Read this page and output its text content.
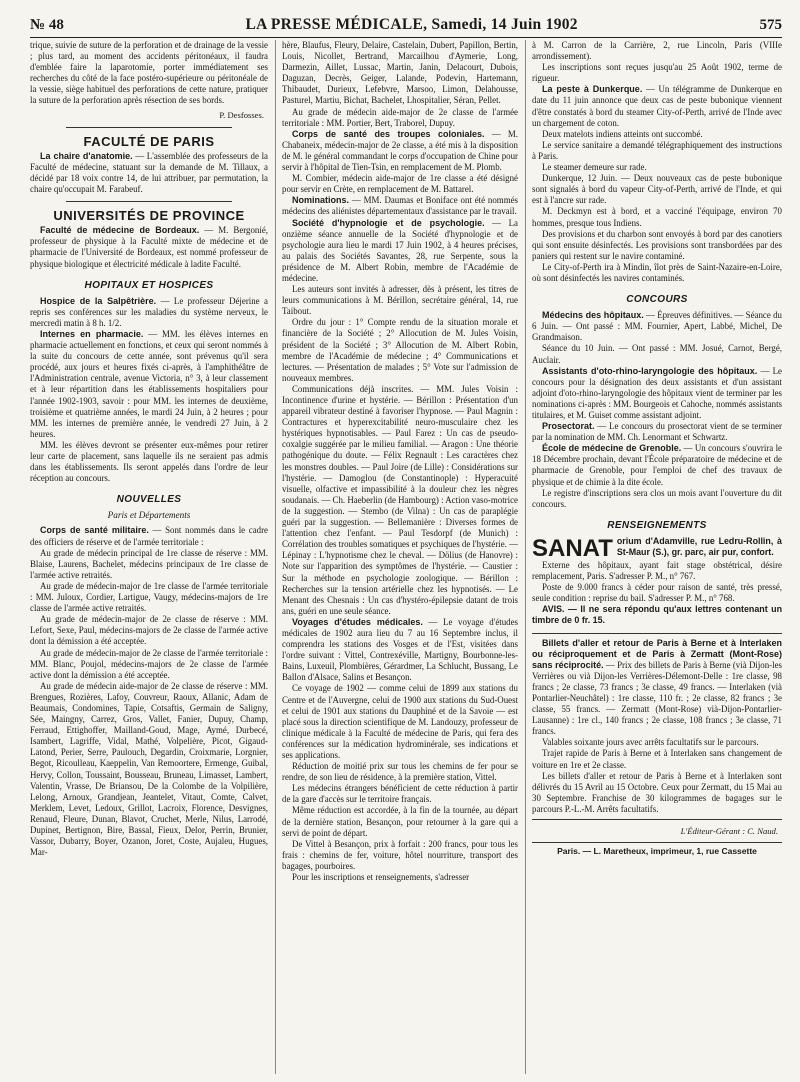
№ 48	LA PRESSE MÉDICALE, Samedi, 14 Juin 1902	575

trique, suivie de suture de la perforation et de drainage de la vessie ; plus tard, au moment des accidents péritonéaux, il faudra d'emblée faire la laparotomie, porter immédiatement ses recherches du côté de la face postéro-supérieure ou péritonéale de la vessie, siège habituel des perforations de cette nature, pratiquer la suture de la perforation après résection de ses bords.

P. Desfosses.
FACULTÉ DE PARIS

La chaire d'anatomie. — L'assemblée des professeurs de la Faculté de médecine, statuant sur la demande de M. Tillaux, a décidé par 18 voix contre 14, de lui attribuer, par permutation, la chaire qu'occupait M. Farabeuf.

UNIVERSITÉS DE PROVINCE

Faculté de médecine de Bordeaux. — M. Bergonié, professeur de physique à la Faculté mixte de médecine et de pharmacie de l'Université de Bordeaux, est nommé professeur de physique biologique et électricité médicale à ladite Faculté.

HOPITAUX ET HOSPICES

Hospice de la Salpêtrière. — Le professeur Déjerine a repris ses conférences sur les maladies du système nerveux, le mercredi matin à 8 h. 1/2.

Internes en pharmacie. — MM. les élèves internes en pharmacie actuellement en fonctions, et ceux qui seront nommés à la suite du concours de cette année, sont prévenus qu'il sera procédé, aux jours et heures fixés ci-après, à l'amphithéâtre de l'Administration centrale, avenue Victoria, n° 3, à leur classement et à leur répartition dans les établissements hospitaliers pour l'année 1902-1903, savoir : pour MM. les internes de deuxième, troisième et quatrième années, le mardi 24 Juin, à 2 heures ; pour MM. les internes de première année, le vendredi 27 Juin, à 2 heures.

MM. les élèves devront se présenter eux-mêmes pour retirer leur carte de placement, sans laquelle ils ne seraient pas admis dans les établissements. Ils seront appelés dans l'ordre de leur réception au concours.

NOUVELLES
Paris et Départements

Corps de santé militaire. — Sont nommés dans le cadre des officiers de réserve et de l'armée territoriale :

Au grade de médecin principal de 1re classe de réserve : MM. Blaise, Laurens, Bachelet, médecins principaux de 1re classe de l'armée active retraités.

Au grade de médecin-major de 1re classe de l'armée territoriale : MM. Juloux, Cordier, Lartigue, Vaugy, médecins-majors de 1re classe de l'armée active retraités.

Au grade de médecin-major de 2e classe de réserve : MM. Lefort, Sexe, Paul, médecins-majors de 2e classe de l'armée active dont la démission a été acceptée.

Au grade de médecin-major de 2e classe de l'armée territoriale : MM. Blanc, Poujol, médecins-majors de 2e classe de l'armée active dont la démission a été acceptée.

Au grade de médecin aide-major de 2e classe de réserve : MM. Brengues, Rozières, Lafoy, Couvreur, Raoux, Allanic, Adam de Beaumais, Condomines, Tapie, Cotsaftis, Germain de Saligny, Sée, Maingny, Carrez, Gros, Vallet, Fanier, Dupuy, Champ, Ferraud, Ettighoffer, Mailland-Goud, Mage, Aymé, Durbecé, Isambert, Lagriffe, Vidal, Mathé, Volpelière, Picot, Gigaud-Latond, Perier, Serre, Paulouch, Degardin, Croixmarie, Lorgnier, Begot, Ricoulleau, Kaeppelin, Van Remoortere, Ermenge, Guibal, Hervy, Collon, Toussaint, Bousseau, Bruneau, Limasset, Lambert, Valentin, Vrasse, De Briansou, De la Colombe de la Volpilière, Lelong, Arnoux, Grandjean, Jeantelet, Vitaut, Comte, Calvet, Merklem, Levet, Ledoux, Grillot, Lacroix, Florence, Desvignes, Renaud, Fleure, Dunan, Blavot, Cruchet, Merle, Nilus, Larrodé, Dupinet, Bertignon, Bire, Bassal, Fieux, Delor, Perrin, Brunier, Vassor, Dubarry, Boyer, Ozanon, Joret, Coste, Aujaleu, Hugues, Mar-

hère, Blaufus, Fleury, Delaire, Castelain, Dubert, Papillon, Bertin, Louis, Nicollet, Bertrand, Marcailhou d'Aymerie, Long, Darmezin, Aillet, Lussac, Martin, Janin, Delacourt, Dubois, Daguzan, Decrès, Geiger, Lalande, Podevin, Hartemann, Thibaudet, Durieux, Lefebvre, Marsoo, Limon, Delahousse, Pasturel, Martiu, Bichat, Bachelet, Lhospitalier, Séran, Pellet.

Au grade de médecin aide-major de 2e classe de l'armée territoriale : MM. Portier, Bert, Traborel, Dupuy.

Corps de santé des troupes coloniales. — M. Chabaneix, médecin-major de 2e classe, a été mis à la disposition de M. le général commandant le corps d'occupation de Chine pour servir à l'hôpital de Tien-Tsin, en remplacement de M. Plomb.

M. Combier, médecin aide-major de 1re classe a été désigné pour servir en Crète, en remplacement de M. Battarel.

Nominations. — MM. Daumas et Boniface ont été nommés médecins des aliénistes départementaux d'assistance par le travail.

Société d'hypnologie et de psychologie. — La onzième séance annuelle de la Société d'hypnologie et de psychologie aura lieu le mardi 17 Juin 1902, à 4 heures précises, au palais des Sociétés Savantes, 28, rue Serpente, sous la présidence de M. Albert Robin, membre de l'Académie de médecine.

Les auteurs sont invités à adresser, dès à présent, les titres de leurs communications à M. Bérillon, secrétaire général, 14, rue Taibout.

Ordre du jour : 1° Compte rendu de la situation morale et financière de la Société ; 2° Allocution de M. Jules Voisin, président de la Société ; 3° Allocution de M. Albert Robin, membre de l'Académie de médecine ; 4° Communications et lectures. — Présentation de malades ; 5° Vote sur l'admission de nouveaux membres.

Communications déjà inscrites. — MM. Jules Voisin : Incontinence d'urine et hystérie. — Bérillon : Présentation d'un appareil vibrateur destiné à favoriser l'hypnose. — Paul Magnin : Contractures et hyperexcitabilité neuro-musculaire chez les hystériques hypnotisables. — Paul Farez : Un cas de pseudo-coxalgie suggérée par le milieu familial. — Aragon : Une théorie pathogénique du doute. — Félix Regnault : Les caractères chez les monstres doubles. — Paul Joire (de Lille) : Considérations sur l'hystérie. — Damoglou (de Constantinople) : Hyperacuité visuelle, olfactive et impassibilité à la douleur chez les nègres soudanais. — Ch. Haeberlin (de Hambourg) : Action vaso-motrice de la suggestion. — Stembo (de Vilna) : Un cas de paraplégie guéri par la suggestion. — Bellemanière : Diverses formes de l'attention chez l'enfant. — Paul Tesdorpf (de Munich) : Corrélation des troubles somatiques et psychiques de l'hystérie. — Lépinay : L'hypnotisme chez le cheval. — Dölius (de Hanovre) : Note sur l'apparition des symptômes de l'hystérie. — Caustier : Sur la méthode en psychologie zoologique. — Bérillon : Recherches sur la tension artérielle chez les hypnotisés. — Le Menant des Chesnais : Un cas d'hystéro-épilepsie datant de trois ans, guéri en une seule séance.

Voyages d'études médicales. — Le voyage d'études médicales de 1902 aura lieu du 7 au 16 Septembre inclus, il comprendra les stations des Vosges et de l'Est, visitées dans l'ordre suivant : Vittel, Contrexéville, Martigny, Bourbonne-les-Bains, Luxeuil, Plombières, Gérardmer, La Schlucht, Bussang, Le Ballon d'Alsace, Salins et Besançon.

Ce voyage de 1902 — comme celui de 1899 aux stations du Centre et de l'Auvergne, celui de 1900 aux stations du Sud-Ouest et celui de 1901 aux stations du Dauphiné et de la Savoie — est placé sous la direction scientifique de M. Landouzy, professeur de clinique médicale à la Faculté de médecine de Paris, qui fera des conférences sur la médication hydrominérale, ses indications et ses applications.

Réduction de moitié prix sur tous les chemins de fer pour se rendre, de son lieu de résidence, à la première station, Vittel.

Les médecins étrangers bénéficient de cette réduction à partir de la gare d'accès sur le territoire français.

Même réduction est accordée, à la fin de la tournée, au départ de la dernière station, Besançon, pour retourner à la gare qui a servi de point de départ.

De Vittel à Besançon, prix à forfait : 200 francs, pour tous les frais : chemins de fer, voiture, hôtel nourriture, transport des bagages, pourboires.

Pour les inscriptions et renseignements, s'adresser

à M. Carron de la Carrière, 2, rue Lincoln, Paris (VIIIe arrondissement).

Les inscriptions sont reçues jusqu'au 25 Août 1902, terme de rigueur.

La peste à Dunkerque. — Un télégramme de Dunkerque en date du 11 juin annonce que deux cas de peste bubonique viennent d'être constatés à bord du steamer City-of-Perth, arrivé de l'Inde avec un chargement de coton.

Deux matelots indiens atteints ont succombé.

Le service sanitaire a demandé télégraphiquement des instructions à Paris.

Le steamer demeure sur rade.

Dunkerque, 12 Juin. — Deux nouveaux cas de peste bubonique sont signalés à bord du vapeur City-of-Perth, arrivé de l'Inde, et qui est à l'ancre sur rade.

M. Deckmyn est à bord, et a vacciné l'équipage, environ 70 hommes, presque tous Indiens.

Des provisions et du charbon sont envoyés à bord par des canotiers qui sont ensuite désinfectés. Les provisions sont transbordées par des paniers qui restent sur le navire contaminé.

Le City-of-Perth ira à Mindin, îlot près de Saint-Nazaire-en-Loire, où sont désinfectés les navires contaminés.

CONCOURS

Médecins des hôpitaux. — Épreuves définitives. — Séance du 6 Juin. — Ont passé : MM. Fournier, Apert, Labbé, Michel, De Grandmaison.

Séance du 10 Juin. — Ont passé : MM. Josué, Carnot, Bergé, Auclair.

Assistants d'oto-rhino-laryngologie des hôpitaux. — Le concours pour la désignation des deux assistants et d'un assistant adjoint d'oto-rhino-laryngologie des hôpitaux vient de terminer par les nominations ci-après : MM. Bourgeois et Cahoche, nommés assistants titulaires, et M. Guiset comme assistant adjoint.

Prosectorat. — Le concours du prosectorat vient de se terminer par la nomination de MM. Ch. Lenormant et Schwartz.

École de médecine de Grenoble. — Un concours s'ouvrira le 18 Décembre prochain, devant l'École préparatoire de médecine et de pharmacie de Grenoble, pour l'emploi de chef des travaux de physique et de chimie à la dite école.

Le registre d'inscriptions sera clos un mois avant l'ouverture du dit concours.

RENSEIGNEMENTS

SANAT orium d'Adamville, rue Ledru-Rollin, à St-Maur (S.), gr. parc, air pur, confort.

Externe des hôpitaux, ayant fait stage obstétrical, désire remplacement, Paris. S'adresser P. M., n° 767.

Poste de 9.000 francs à céder pour raison de santé, très pressé, seule condition : reprise du bail. S'adresser P. M., n° 768.

AVIS. — Il ne sera répondu qu'aux lettres contenant un timbre de 0 fr. 15.

Billets d'aller et retour de Paris à Berne et à Interlaken ou réciproquement et de Paris à Zermatt (Mont-Rose) sans réciprocité. — Prix des billets de Paris à Berne (vià Dijon-les Verrières ou vià Dijon-les Verrières-Délemont-Delle : 1re classe, 98 francs ; 2e classe, 73 francs ; 3e classe, 49 francs. — Interlaken (vià Pontarlier-Neuchâtel) : 1re classe, 110 fr. ; 2e classe, 82 francs ; 3e classe, 55 francs. — Zermatt (Mont-Rose) vià-Dijon-Pontarlier-Lausanne) : 1re cl., 140 francs ; 2e classe, 108 francs ; 3e classe, 71 francs.

Valables soixante jours avec arrêts facultatifs sur le parcours.

Trajet rapide de Paris à Berne et à Interlaken sans changement de voiture en 1re et 2e classe.

Les billets d'aller et retour de Paris à Berne et à Interlaken sont délivrés du 15 Avril au 15 Octobre. Ceux pour Zermatt, du 15 Mai au 30 Septembre. Franchise de 30 kilogrammes de bagages sur le parcours P.-L.-M. Arrêts facultatifs.

L'Éditeur-Gérant : C. Naud.
Paris. — L. Maretheux, imprimeur, 1, rue Cassette
